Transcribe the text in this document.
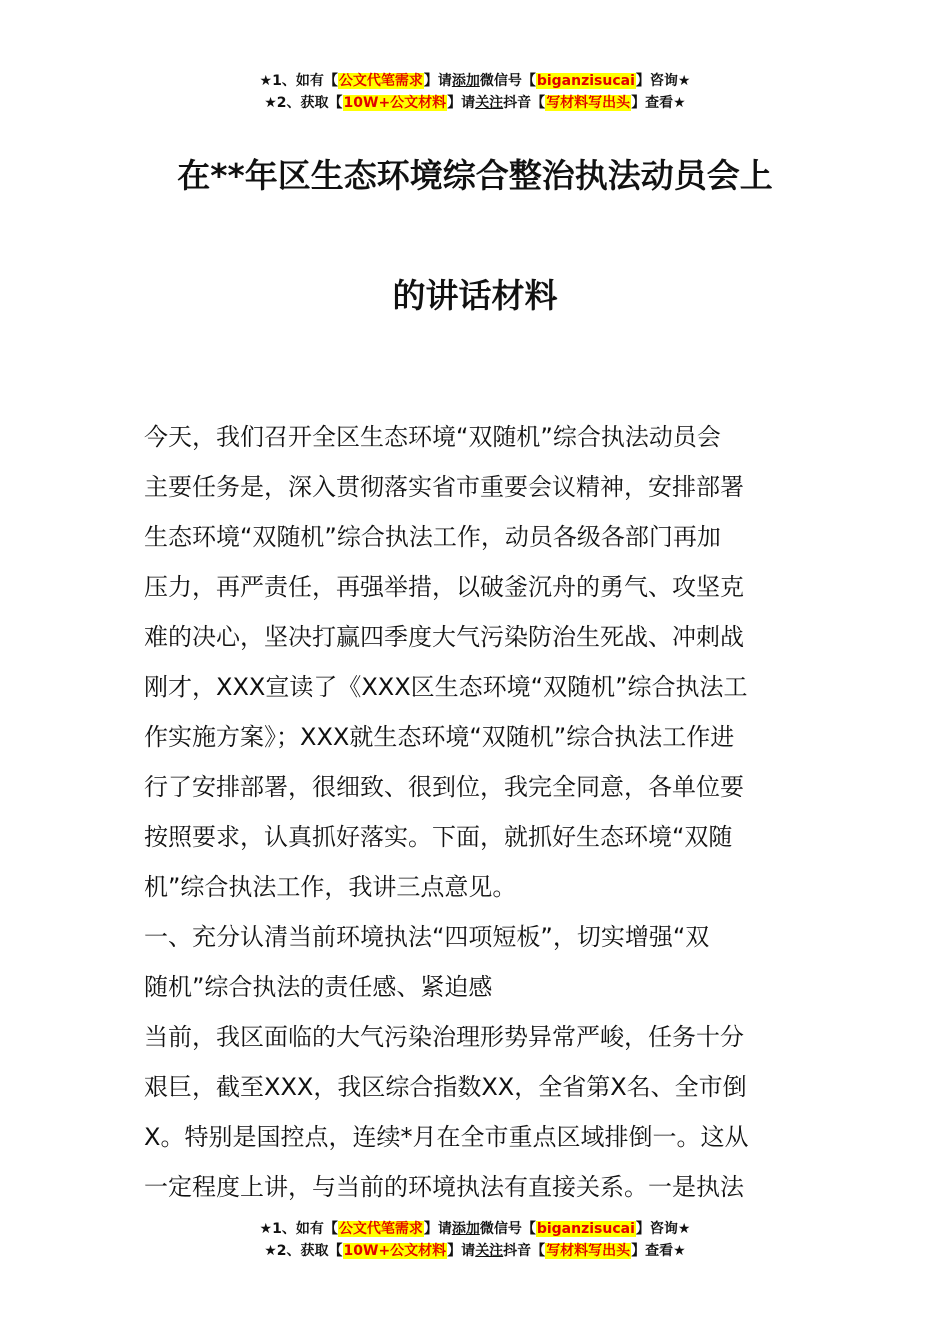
★1、如有【公文代笔需求】请添加微信号【biganzisucai】咨询★
★2、获取【10W+公文材料】请关注抖音【写材料写出头】查看★
在**年区生态环境综合整治执法动员会上
的讲话材料

今天，我们召开全区生态环境“双随机”综合执法动员会

主要任务是，深入贯彻落实省市重要会议精神，安排部署

生态环境“双随机”综合执法工作，动员各级各部门再加

压力，再严责任，再强举措，以破釜沉舟的勇气、攻坚克

难的决心，坚决打赢四季度大气污染防治生死战、冲刺战

刚才，XXX宣读了《XXX区生态环境“双随机”综合执法工

作实施方案》；XXX就生态环境“双随机”综合执法工作进

行了安排部署，很细致、很到位，我完全同意，各单位要

按照要求，认真抓好落实。下面，就抓好生态环境“双随

机”综合执法工作，我讲三点意见。

一、充分认清当前环境执法“四项短板”，切实增强“双

随机”综合执法的责任感、紧迫感

当前，我区面临的大气污染治理形势异常严峻，任务十分

艰巨，截至XXX，我区综合指数XX，全省第X名、全市倒

X。特别是国控点，连续*月在全市重点区域排倒一。这从

一定程度上讲，与当前的环境执法有直接关系。一是执法

★1、如有【公文代笔需求】请添加微信号【biganzisucai】咨询★
★2、获取【10W+公文材料】请关注抖音【写材料写出头】查看★
